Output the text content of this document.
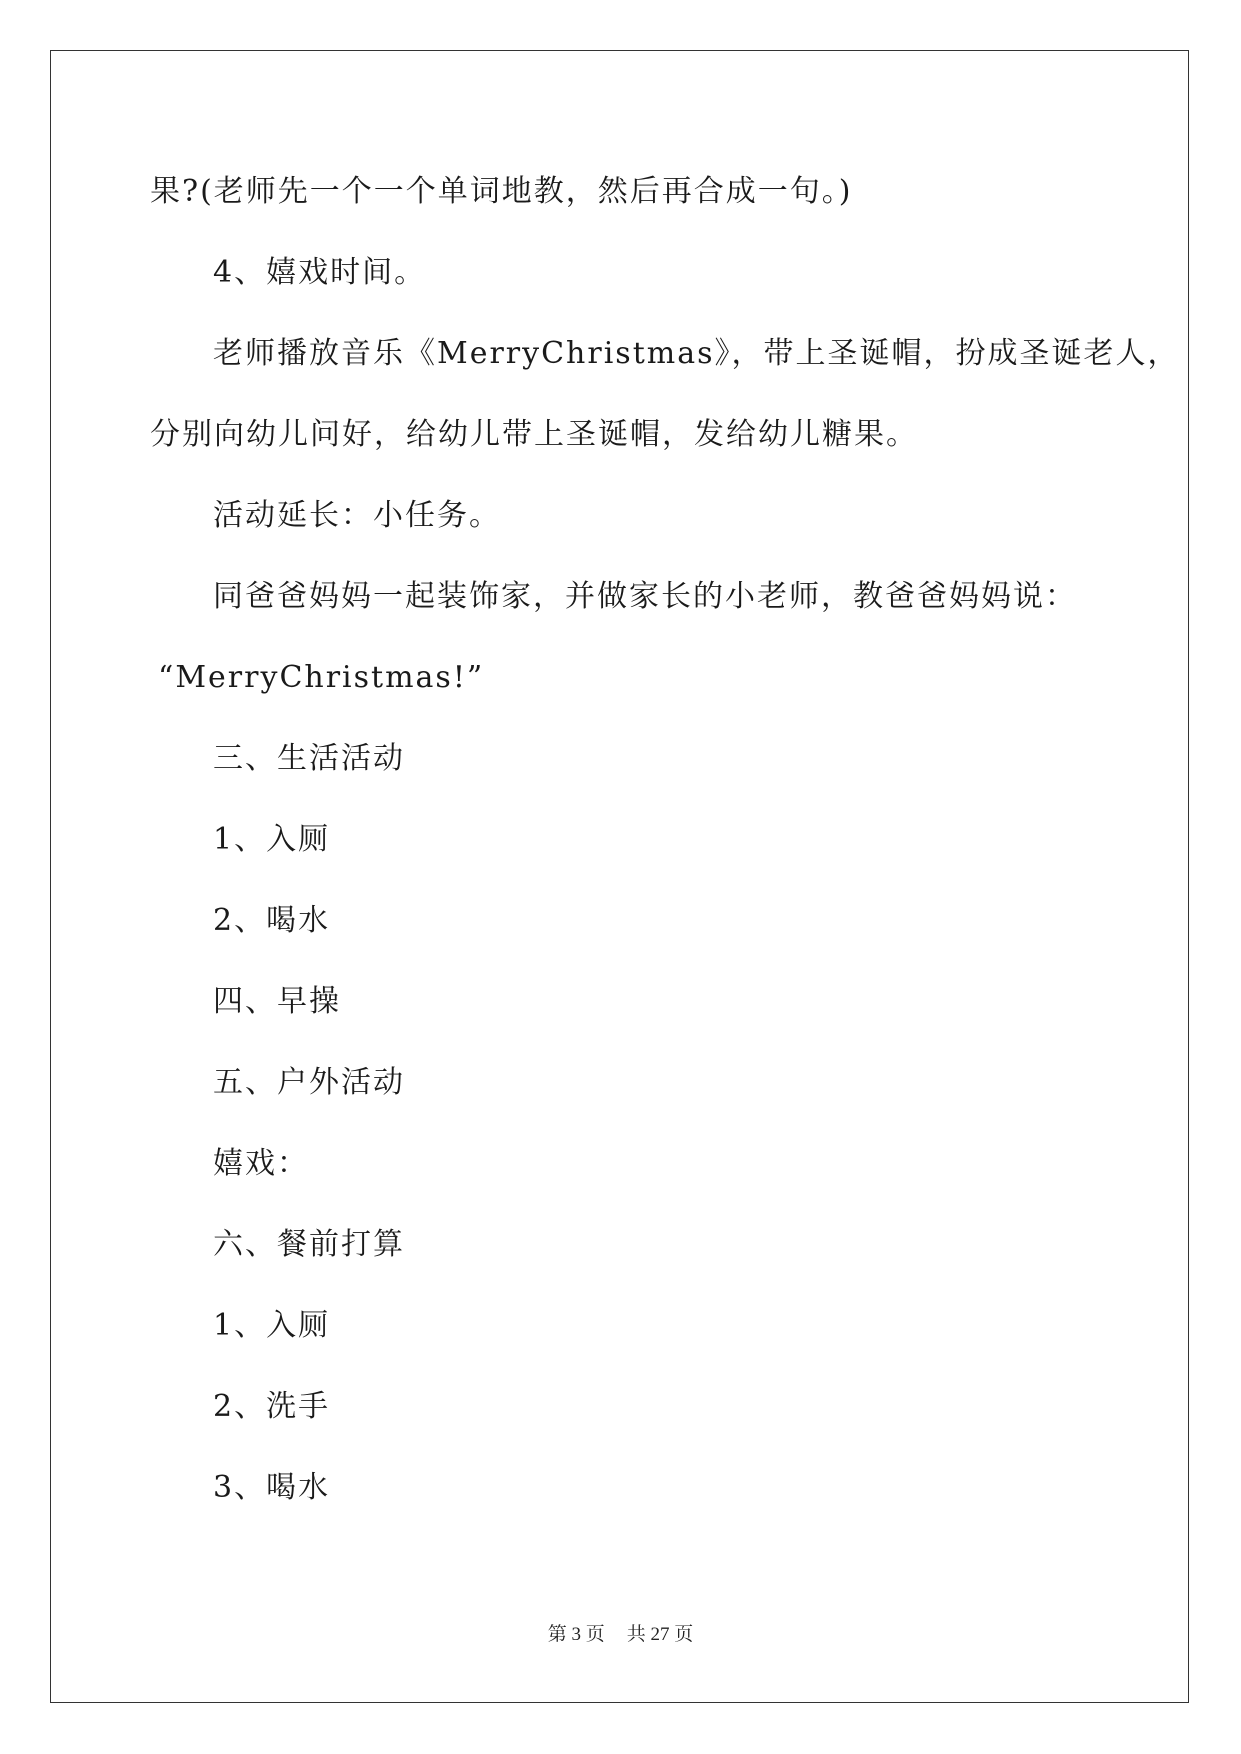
果?(老师先一个一个单词地教，然后再合成一句。)
4、嬉戏时间。
老师播放音乐《MerryChristmas》，带上圣诞帽，扮成圣诞老人，
分别向幼儿问好，给幼儿带上圣诞帽，发给幼儿糖果。
活动延长：小任务。
同爸爸妈妈一起装饰家，并做家长的小老师，教爸爸妈妈说：
“MerryChristmas!”
三、生活活动
1、入厕
2、喝水
四、早操
五、户外活动
嬉戏：
六、餐前打算
1、入厕
2、洗手
3、喝水
第 3 页 共 27 页
